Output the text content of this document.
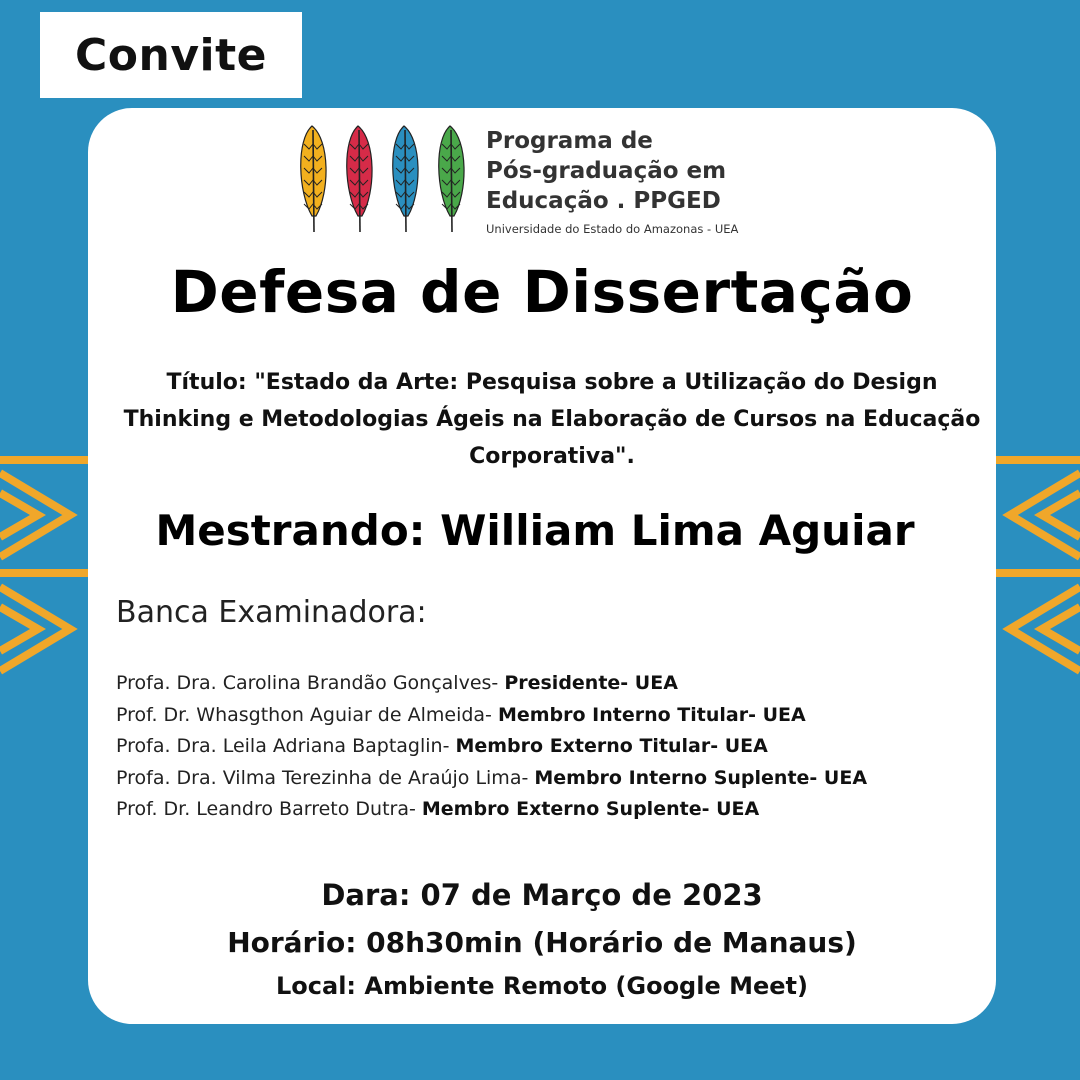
Convite
Programa de
Pós-graduação em
Educação . PPGED
Universidade do Estado do Amazonas - UEA
Defesa de Dissertação
Título: "Estado da Arte: Pesquisa sobre a Utilização do Design Thinking e Metodologias Ágeis na Elaboração de Cursos na Educação Corporativa".
Mestrando: William Lima Aguiar
Banca Examinadora:
Profa. Dra. Carolina Brandão Gonçalves- Presidente- UEA
Prof. Dr. Whasgthon Aguiar de Almeida- Membro Interno Titular- UEA
Profa. Dra. Leila Adriana Baptaglin- Membro Externo Titular- UEA
Profa. Dra. Vilma Terezinha de Araújo Lima- Membro Interno Suplente- UEA
Prof. Dr. Leandro Barreto Dutra- Membro Externo Suplente- UEA
Dara: 07 de Março de 2023
Horário: 08h30min (Horário de Manaus)
Local: Ambiente Remoto (Google Meet)
